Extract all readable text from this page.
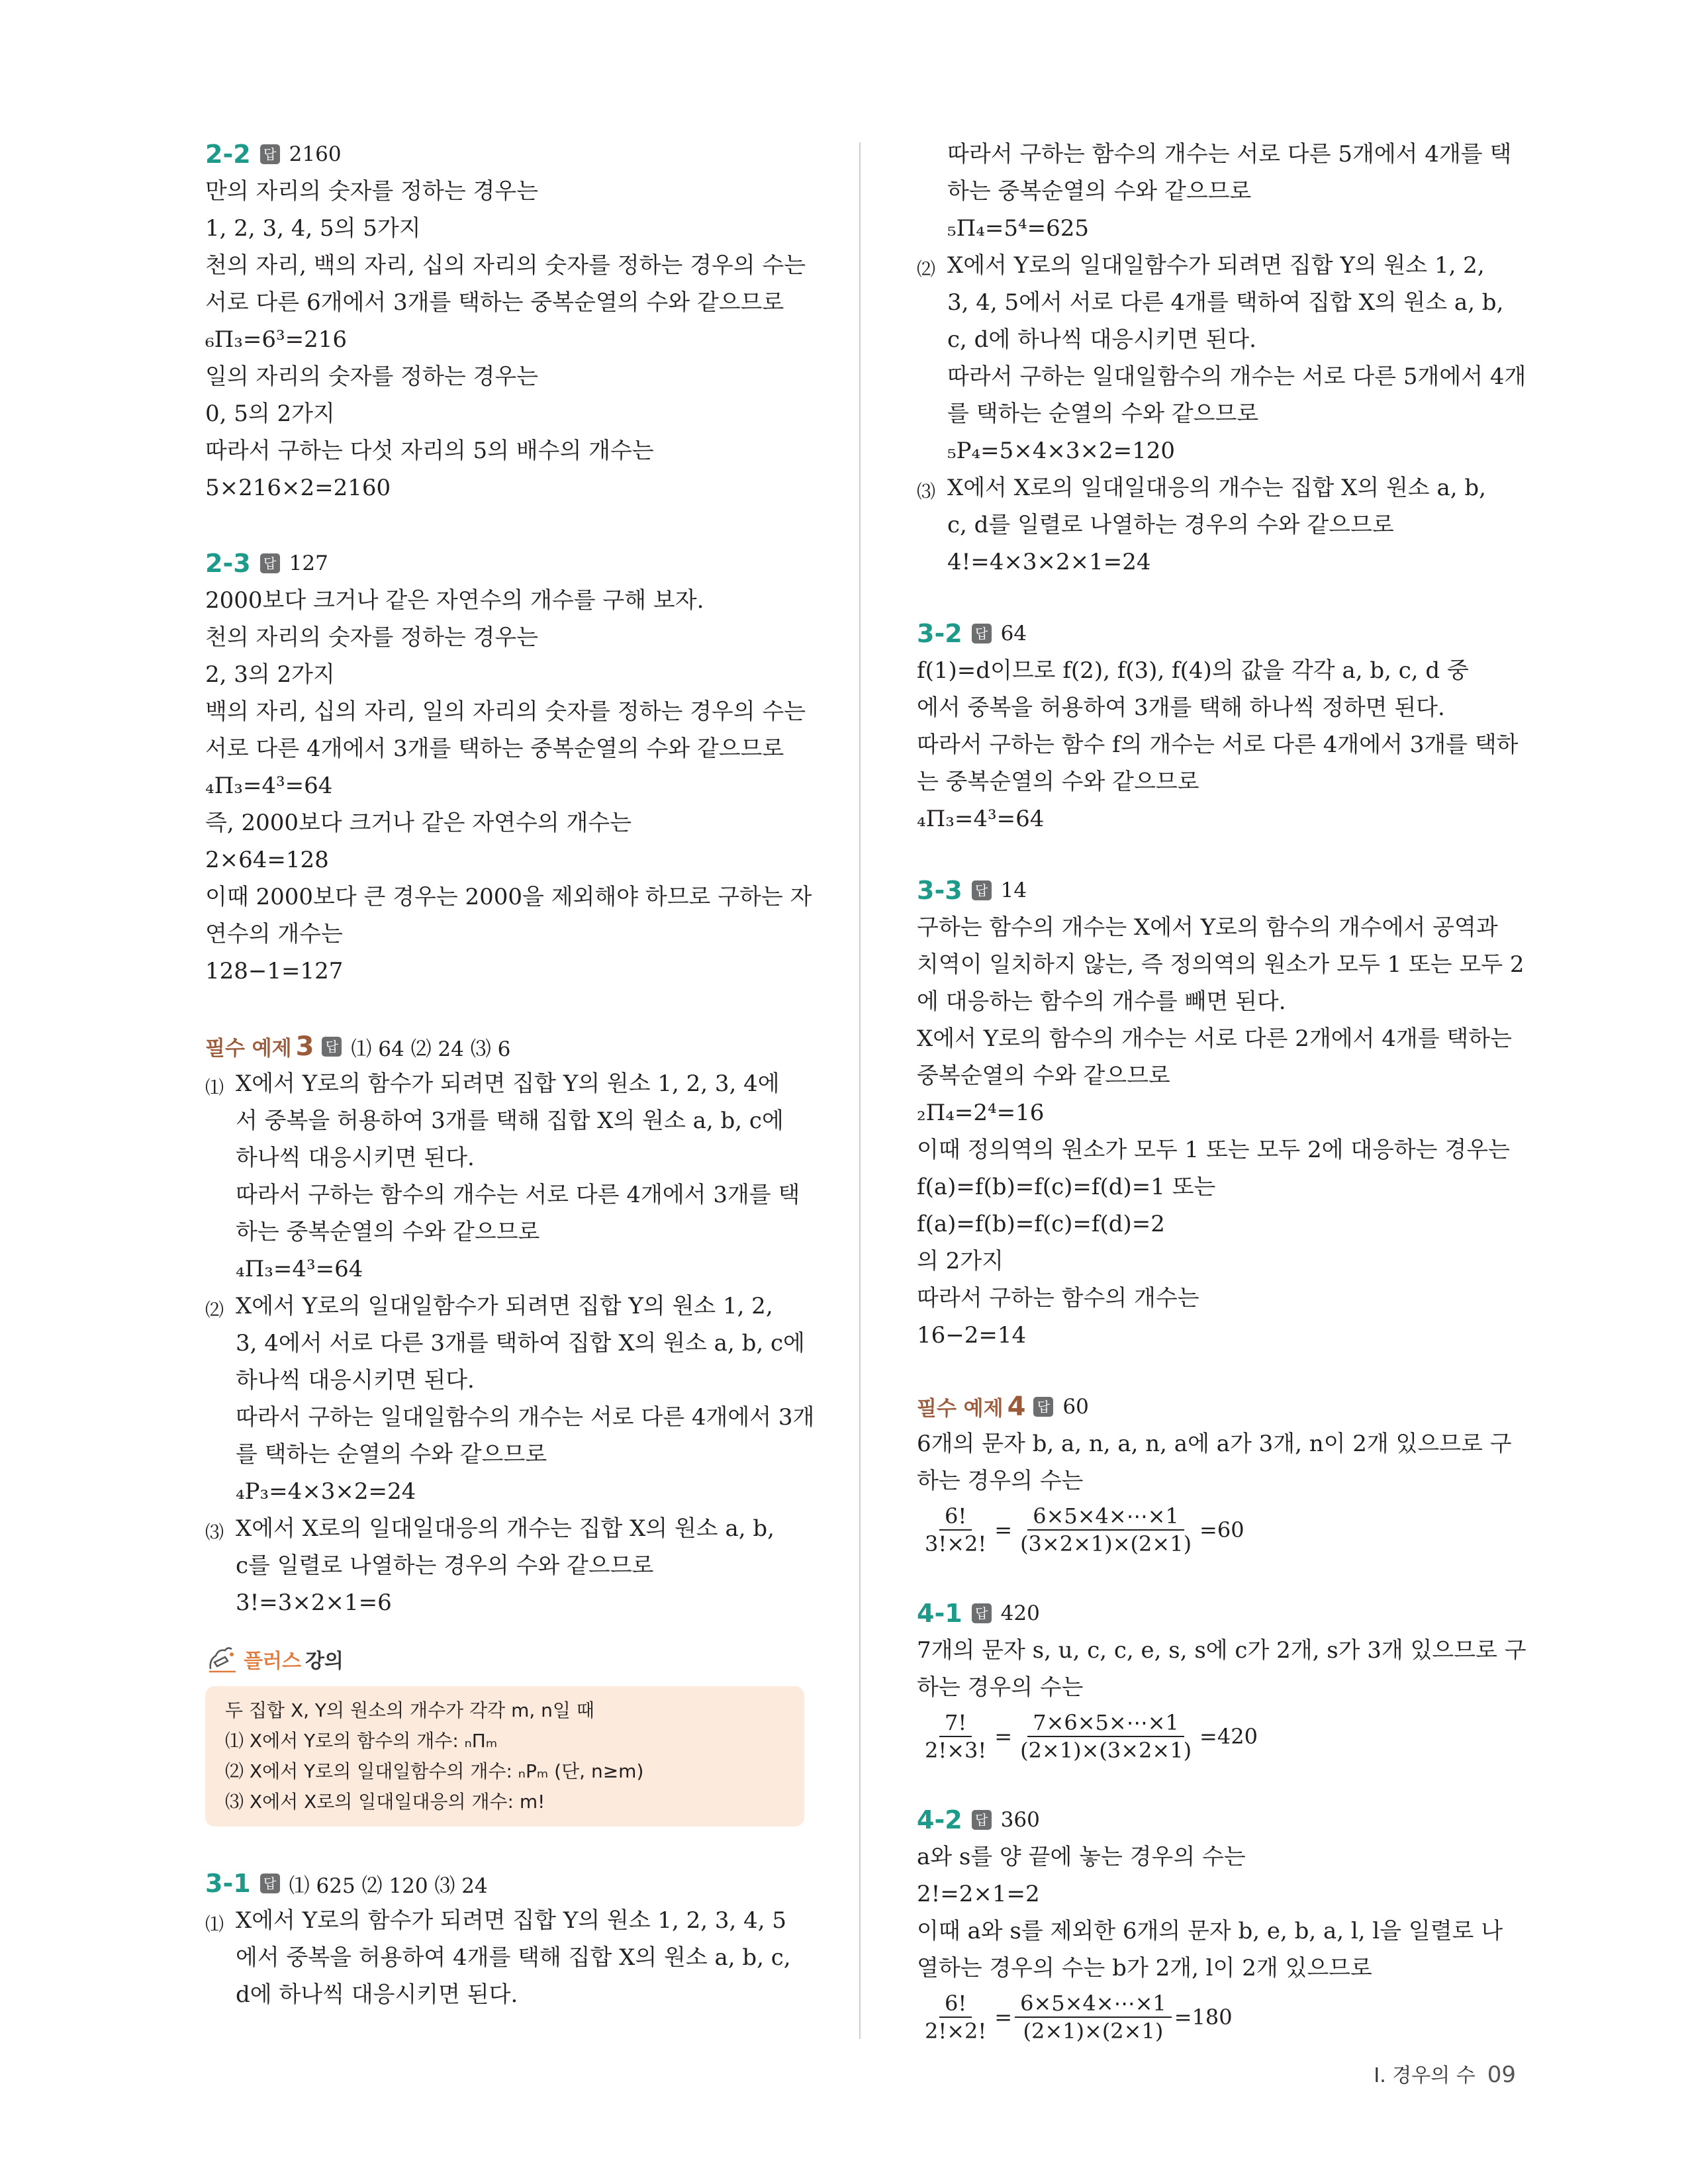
2-2 답 2160
만의 자리의 숫자를 정하는 경우는
1, 2, 3, 4, 5의 5가지
천의 자리, 백의 자리, 십의 자리의 숫자를 정하는 경우의 수는
서로 다른 6개에서 3개를 택하는 중복순열의 수와 같으므로
₆Π₃=6³=216
일의 자리의 숫자를 정하는 경우는
0, 5의 2가지
따라서 구하는 다섯 자리의 5의 배수의 개수는
5×216×2=2160
2-3 답 127
2000보다 크거나 같은 자연수의 개수를 구해 보자.
천의 자리의 숫자를 정하는 경우는
2, 3의 2가지
백의 자리, 십의 자리, 일의 자리의 숫자를 정하는 경우의 수는
서로 다른 4개에서 3개를 택하는 중복순열의 수와 같으므로
₄Π₃=4³=64
즉, 2000보다 크거나 같은 자연수의 개수는
2×64=128
이때 2000보다 큰 경우는 2000을 제외해야 하므로 구하는 자
연수의 개수는
128−1=127
필수 예제 3 답 ⑴ 64 ⑵ 24 ⑶ 6
⑴ X에서 Y로의 함수가 되려면 집합 Y의 원소 1, 2, 3, 4에
서 중복을 허용하여 3개를 택해 집합 X의 원소 a, b, c에
하나씩 대응시키면 된다.
따라서 구하는 함수의 개수는 서로 다른 4개에서 3개를 택
하는 중복순열의 수와 같으므로
₄Π₃=4³=64
⑵ X에서 Y로의 일대일함수가 되려면 집합 Y의 원소 1, 2,
3, 4에서 서로 다른 3개를 택하여 집합 X의 원소 a, b, c에
하나씩 대응시키면 된다.
따라서 구하는 일대일함수의 개수는 서로 다른 4개에서 3개
를 택하는 순열의 수와 같으므로
₄P₃=4×3×2=24
⑶ X에서 X로의 일대일대응의 개수는 집합 X의 원소 a, b,
c를 일렬로 나열하는 경우의 수와 같으므로
3!=3×2×1=6
플러스 강의
두 집합 X, Y의 원소의 개수가 각각 m, n일 때
⑴ X에서 Y로의 함수의 개수: ₙΠₘ
⑵ X에서 Y로의 일대일함수의 개수: ₙPₘ (단, n≥m)
⑶ X에서 X로의 일대일대응의 개수: m!
3-1 답 ⑴ 625 ⑵ 120 ⑶ 24
⑴ X에서 Y로의 함수가 되려면 집합 Y의 원소 1, 2, 3, 4, 5
에서 중복을 허용하여 4개를 택해 집합 X의 원소 a, b, c,
d에 하나씩 대응시키면 된다.
따라서 구하는 함수의 개수는 서로 다른 5개에서 4개를 택
하는 중복순열의 수와 같으므로
₅Π₄=5⁴=625
⑵ X에서 Y로의 일대일함수가 되려면 집합 Y의 원소 1, 2,
3, 4, 5에서 서로 다른 4개를 택하여 집합 X의 원소 a, b,
c, d에 하나씩 대응시키면 된다.
따라서 구하는 일대일함수의 개수는 서로 다른 5개에서 4개
를 택하는 순열의 수와 같으므로
₅P₄=5×4×3×2=120
⑶ X에서 X로의 일대일대응의 개수는 집합 X의 원소 a, b,
c, d를 일렬로 나열하는 경우의 수와 같으므로
4!=4×3×2×1=24
3-2 답 64
f(1)=d이므로 f(2), f(3), f(4)의 값을 각각 a, b, c, d 중
에서 중복을 허용하여 3개를 택해 하나씩 정하면 된다.
따라서 구하는 함수 f의 개수는 서로 다른 4개에서 3개를 택하
는 중복순열의 수와 같으므로
₄Π₃=4³=64
3-3 답 14
구하는 함수의 개수는 X에서 Y로의 함수의 개수에서 공역과
치역이 일치하지 않는, 즉 정의역의 원소가 모두 1 또는 모두 2
에 대응하는 함수의 개수를 빼면 된다.
X에서 Y로의 함수의 개수는 서로 다른 2개에서 4개를 택하는
중복순열의 수와 같으므로
₂Π₄=2⁴=16
이때 정의역의 원소가 모두 1 또는 모두 2에 대응하는 경우는
f(a)=f(b)=f(c)=f(d)=1 또는
f(a)=f(b)=f(c)=f(d)=2
의 2가지
따라서 구하는 함수의 개수는
16−2=14
필수 예제 4 답 60
6개의 문자 b, a, n, a, n, a에 a가 3개, n이 2개 있으므로 구
하는 경우의 수는
$\frac{6!}{3!\times 2!} = \frac{6\times 5\times 4\times\cdots\times 1}{(3\times 2\times 1)\times(2\times 1)} =60$
4-1 답 420
7개의 문자 s, u, c, c, e, s, s에 c가 2개, s가 3개 있으므로 구
하는 경우의 수는
$\frac{7!}{2!\times 3!} = \frac{7\times 6\times 5\times\cdots\times 1}{(2\times 1)\times(3\times 2\times 1)} =420$
4-2 답 360
a와 s를 양 끝에 놓는 경우의 수는
2!=2×1=2
이때 a와 s를 제외한 6개의 문자 b, e, b, a, l, l을 일렬로 나
열하는 경우의 수는 b가 2개, l이 2개 있으므로
$\frac{6!}{2!\times 2!} = \frac{6\times 5\times 4\times\cdots\times 1}{(2\times 1)\times(2\times 1)} =180$
Ⅰ. 경우의 수 09
